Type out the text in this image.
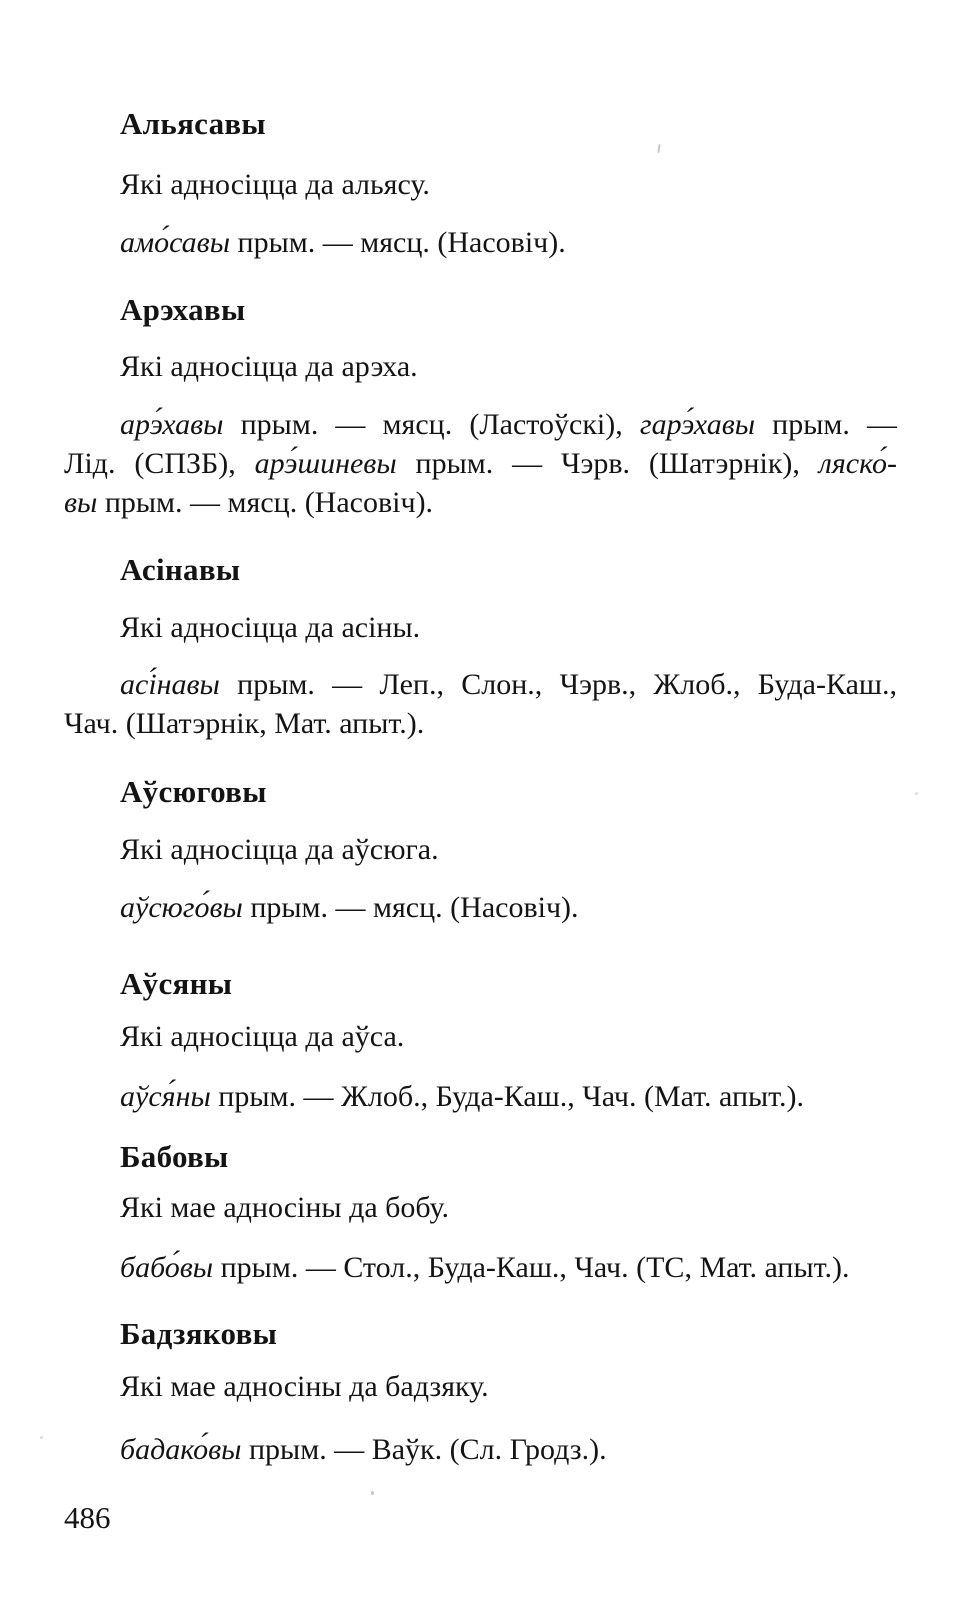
Альясавы
Які адносіцца да альясу.
амо́савы прым. — мясц. (Насовіч).
Арэхавы
Які адносіцца да арэха.
арэ́хавы прым. — мясц. (Ластоўскі), гарэ́хавы прым. —
Лід. (СПЗБ), арэ́шиневы прым. — Чэрв. (Шатэрнік), ляско́-
вы прым. — мясц. (Насовіч).
Асінавы
Які адносіцца да асіны.
асі́навы прым. — Леп., Слон., Чэрв., Жлоб., Буда-Каш.,
Чач. (Шатэрнік, Мат. апыт.).
Аўсюговы
Які адносіцца да аўсюга.
аўсюго́вы прым. — мясц. (Насовіч).
Аўсяны
Які адносіцца да аўса.
аўся́ны прым. — Жлоб., Буда-Каш., Чач. (Мат. апыт.).
Бабовы
Які мае адносіны да бобу.
бабо́вы прым. — Стол., Буда-Каш., Чач. (ТС, Мат. апыт.).
Бадзяковы
Які мае адносіны да бадзяку.
бадако́вы прым. — Ваўк. (Сл. Гродз.).
486
